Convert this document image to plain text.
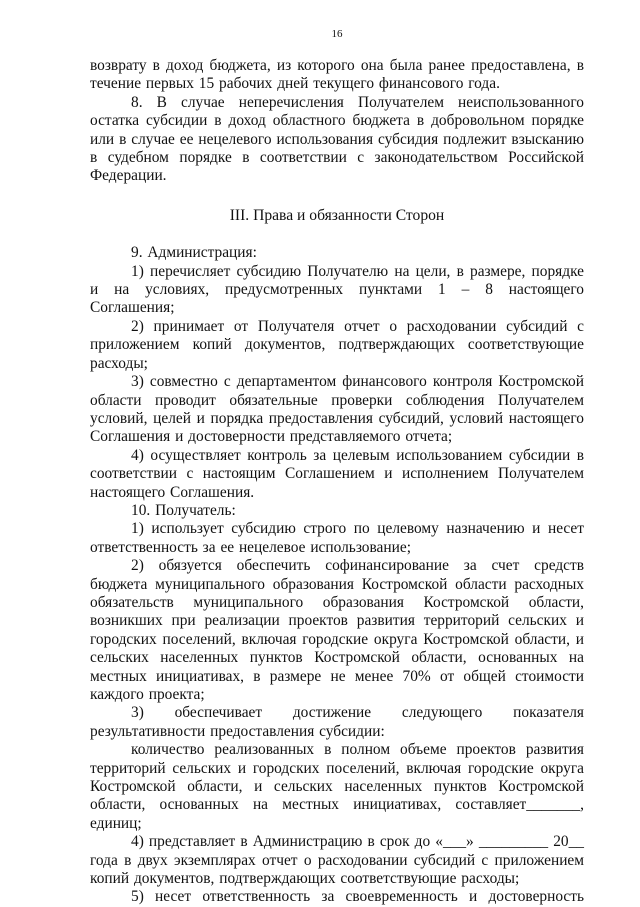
16

возврату в доход бюджета, из которого она была ранее предоставлена, в течение первых 15 рабочих дней текущего финансового года.

8. В случае неперечисления Получателем неиспользованного остатка субсидии в доход областного бюджета в добровольном порядке или в случае ее нецелевого использования субсидия подлежит взысканию в судебном порядке в соответствии с законодательством Российской Федерации.

III. Права и обязанности Сторон

9. Администрация:

1) перечисляет субсидию Получателю на цели, в размере, порядке и на условиях, предусмотренных пунктами 1 – 8 настоящего Соглашения;

2) принимает от Получателя отчет о расходовании субсидий с приложением копий документов, подтверждающих соответствующие расходы;

3) совместно с департаментом финансового контроля Костромской области проводит обязательные проверки соблюдения Получателем условий, целей и порядка предоставления субсидий, условий настоящего Соглашения и достоверности представляемого отчета;

4) осуществляет контроль за целевым использованием субсидии в соответствии с настоящим Соглашением и исполнением Получателем настоящего Соглашения.

10. Получатель:

1) использует субсидию строго по целевому назначению и несет ответственность за ее нецелевое использование;

2) обязуется обеспечить софинансирование за счет средств бюджета муниципального образования Костромской области расходных обязательств муниципального образования Костромской области, возникших при реализации проектов развития территорий сельских и городских поселений, включая городские округа Костромской области, и сельских населенных пунктов Костромской области, основанных на местных инициативах, в размере не менее 70% от общей стоимости каждого проекта;

3) обеспечивает достижение следующего показателя результативности предоставления субсидии:

количество реализованных в полном объеме проектов развития территорий сельских и городских поселений, включая городские округа Костромской области, и сельских населенных пунктов Костромской области, основанных на местных инициативах, составляет_______, единиц;

4) представляет в Администрацию в срок до «___» _________ 20__ года в двух экземплярах отчет о расходовании субсидий с приложением копий документов, подтверждающих соответствующие расходы;

5) несет ответственность за своевременность и достоверность
